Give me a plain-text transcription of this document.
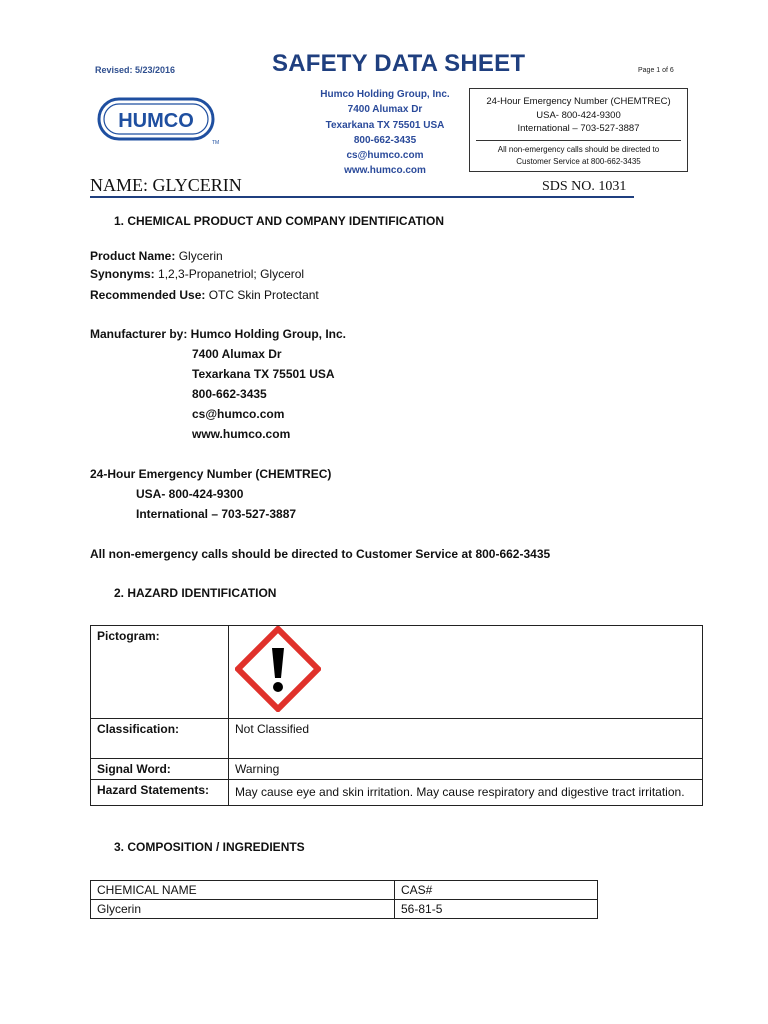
Revised: 5/23/2016	SAFETY DATA SHEET	Page 1 of 6
HUMCO
TM
Humco Holding Group, Inc.
7400 Alumax Dr
Texarkana TX 75501 USA
800-662-3435
cs@humco.com
www.humco.com
24-Hour Emergency Number (CHEMTREC)
USA- 800-424-9300
International – 703-527-3887
All non-emergency calls should be directed to
Customer Service at 800-662-3435
NAME: GLYCERIN	SDS NO. 1031
1. CHEMICAL PRODUCT AND COMPANY IDENTIFICATION
Product Name: Glycerin
Synonyms: 1,2,3-Propanetriol; Glycerol
Recommended Use: OTC Skin Protectant
Manufacturer by: Humco Holding Group, Inc.
7400 Alumax Dr
Texarkana TX 75501 USA
800-662-3435
cs@humco.com
www.humco.com
24-Hour Emergency Number (CHEMTREC)
USA- 800-424-9300
International – 703-527-3887
All non-emergency calls should be directed to Customer Service at 800-662-3435
2. HAZARD IDENTIFICATION
Pictogram:	
Classification:	Not Classified
Signal Word:	Warning
Hazard Statements:	May cause eye and skin irritation. May cause respiratory and digestive tract irritation.
3. COMPOSITION / INGREDIENTS
CHEMICAL NAME	CAS#
Glycerin	56-81-5
